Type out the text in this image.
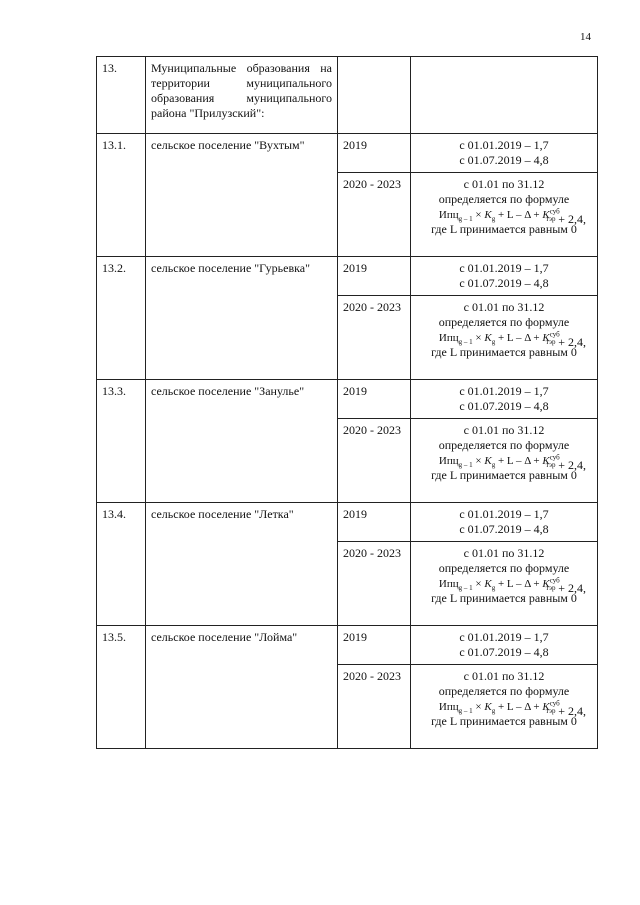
14
13.	Муниципальные образования на территории муниципального образования муниципального района "Прилузский":		
13.1.	сельское поселение "Вухтым"	2019	с 01.01.2019 – 1,7
с 01.07.2019 – 4,8

		2020 - 2023	с 01.01 по 31.12
определяется по формуле
$Ипц_{g - 1} \times K_g + L - \Delta + K^{суб}_{тэр} + 2,4$,
где L принимается равным 0

13.2.	сельское поселение "Гурьевка"	2019	с 01.01.2019 – 1,7
с 01.07.2019 – 4,8

		2020 - 2023	с 01.01 по 31.12
определяется по формуле
$Ипц_{g - 1} \times K_g + L - \Delta + K^{суб}_{тэр} + 2,4$,
где L принимается равным 0

13.3.	сельское поселение "Занулье"	2019	с 01.01.2019 – 1,7
с 01.07.2019 – 4,8

		2020 - 2023	с 01.01 по 31.12
определяется по формуле
$Ипц_{g - 1} \times K_g + L - \Delta + K^{суб}_{тэр} + 2,4$,
где L принимается равным 0

13.4.	сельское поселение "Летка"	2019	с 01.01.2019 – 1,7
с 01.07.2019 – 4,8

		2020 - 2023	с 01.01 по 31.12
определяется по формуле
$Ипц_{g - 1} \times K_g + L - \Delta + K^{суб}_{тэр} + 2,4$,
где L принимается равным 0

13.5.	сельское поселение "Лойма"	2019	с 01.01.2019 – 1,7
с 01.07.2019 – 4,8

		2020 - 2023	с 01.01 по 31.12
определяется по формуле
$Ипц_{g - 1} \times K_g + L - \Delta + K^{суб}_{тэр} + 2,4$,
где L принимается равным 0
